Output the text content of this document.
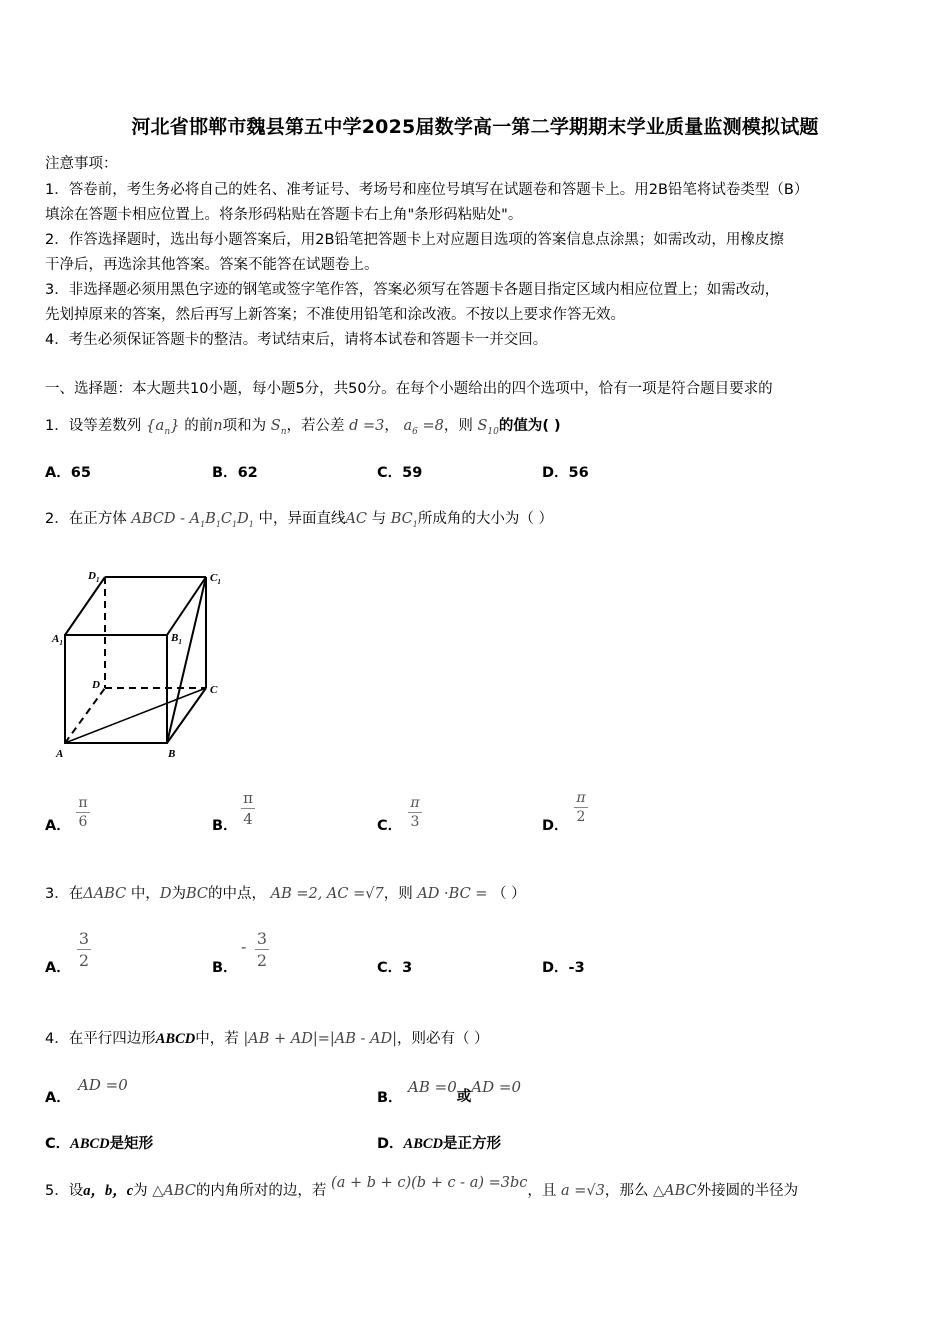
河北省邯郸市魏县第五中学2025届数学高一第二学期期末学业质量监测模拟试题
注意事项：
1．答卷前，考生务必将自己的姓名、准考证号、考场号和座位号填写在试题卷和答题卡上。用2B铅笔将试卷类型（B）
填涂在答题卡相应位置上。将条形码粘贴在答题卡右上角"条形码粘贴处"。
2．作答选择题时，选出每小题答案后，用2B铅笔把答题卡上对应题目选项的答案信息点涂黑；如需改动，用橡皮擦
干净后，再选涂其他答案。答案不能答在试题卷上。
3．非选择题必须用黑色字迹的钢笔或签字笔作答，答案必须写在答题卡各题目指定区域内相应位置上；如需改动，
先划掉原来的答案，然后再写上新答案；不准使用铅笔和涂改液。不按以上要求作答无效。
4．考生必须保证答题卡的整洁。考试结束后，请将本试卷和答题卡一并交回。
一、选择题：本大题共10小题，每小题5分，共50分。在每个小题给出的四个选项中，恰有一项是符合题目要求的
1．设等差数列 $\{a_n\}$ 的前n项和为 $S_n$，若公差 d =3， $a_6 =8$，则 $S_{10}$的值为( )
A．65	B．62	C．59	D．56
2．在正方体 ABCD - $A_1B_1C_1D_1$ 中，异面直线AC 与 $BC_1$所成角的大小为（ ）
$D_1$	$C_1$
$A_1$	$B_1$
D	C
A	B
A．
π
6	B．
π
4	C．
π
3	D．
π
2
3．在ΔABC 中，D为BC的中点， AB =2, AC =√7，则 AD ·BC = （ ）
A．
3
2	B．
- 3
2	C．3	D．-3
4．在平行四边形ABCD中，若 |AB + AD|=|AB - AD|，则必有（ ）
A．
AD =0
B．
AB =0或AD =0
C．ABCD是矩形	D．ABCD是正方形
5．设a，b，c为 △ABC的内角所对的边，若 (a + b + c)(b + c - a) =3bc，且 a =√3，那么 △ABC外接圆的半径为
